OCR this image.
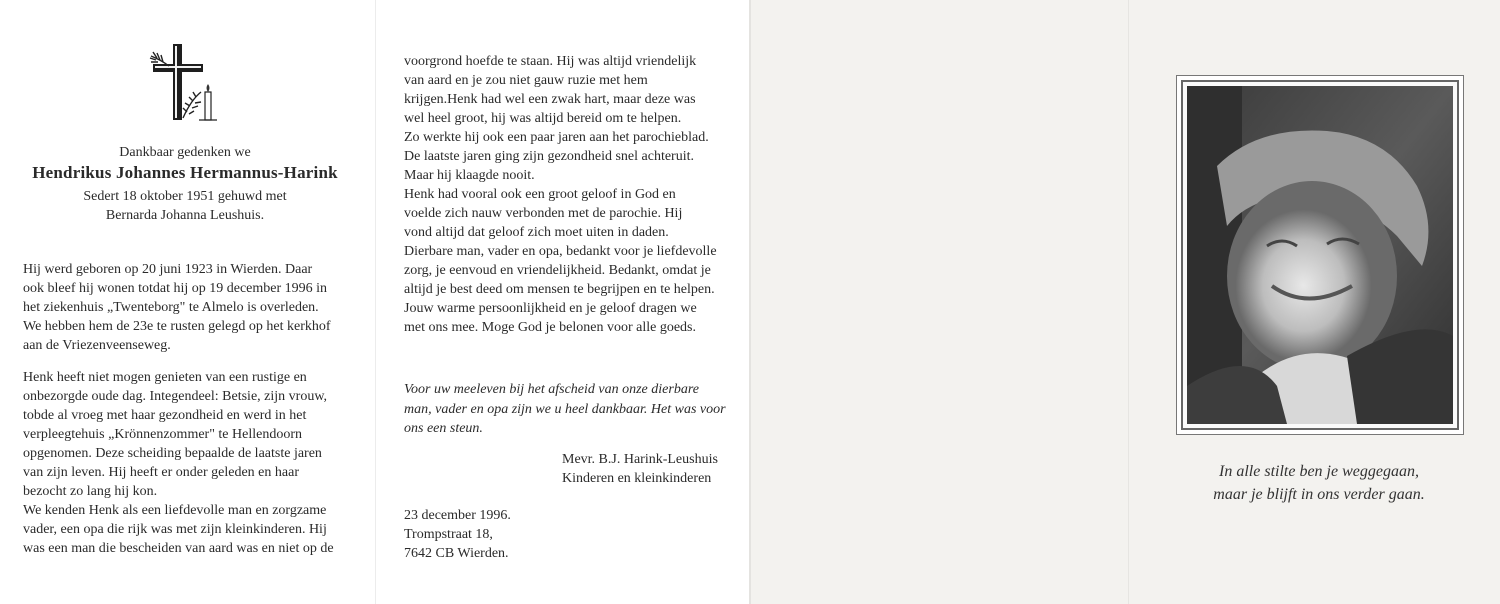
Dankbaar gedenken we
Hendrikus Johannes Hermannus-Harink
Sedert 18 oktober 1951 gehuwd met
Bernarda Johanna Leushuis.
Hij werd geboren op 20 juni 1923 in Wierden. Daar
ook bleef hij wonen totdat hij op 19 december 1996 in
het ziekenhuis „Twenteborg" te Almelo is overleden.
We hebben hem de 23e te rusten gelegd op het kerkhof
aan de Vriezenveenseweg.
Henk heeft niet mogen genieten van een rustige en
onbezorgde oude dag. Integendeel: Betsie, zijn vrouw,
tobde al vroeg met haar gezondheid en werd in het
verpleegtehuis „Krönnenzommer" te Hellendoorn
opgenomen. Deze scheiding bepaalde de laatste jaren
van zijn leven. Hij heeft er onder geleden en haar
bezocht zo lang hij kon.
We kenden Henk als een liefdevolle man en zorgzame
vader, een opa die rijk was met zijn kleinkinderen. Hij
was een man die bescheiden van aard was en niet op de
voorgrond hoefde te staan. Hij was altijd vriendelijk
van aard en je zou niet gauw ruzie met hem
krijgen.Henk had wel een zwak hart, maar deze was
wel heel groot, hij was altijd bereid om te helpen.
Zo werkte hij ook een paar jaren aan het parochieblad.
De laatste jaren ging zijn gezondheid snel achteruit.
Maar hij klaagde nooit.
Henk had vooral ook een groot geloof in God en
voelde zich nauw verbonden met de parochie. Hij
vond altijd dat geloof zich moet uiten in daden.
Dierbare man, vader en opa, bedankt voor je liefdevolle
zorg, je eenvoud en vriendelijkheid. Bedankt, omdat je
altijd je best deed om mensen te begrijpen en te helpen.
Jouw warme persoonlijkheid en je geloof dragen we
met ons mee. Moge God je belonen voor alle goeds.
Voor uw meeleven bij het afscheid van onze dierbare
man, vader en opa zijn we u heel dankbaar. Het was voor
ons een steun.
Mevr. B.J. Harink-Leushuis
Kinderen en kleinkinderen
23 december 1996.
Trompstraat 18,
7642 CB Wierden.
In alle stilte ben je weggegaan,
maar je blijft in ons verder gaan.
